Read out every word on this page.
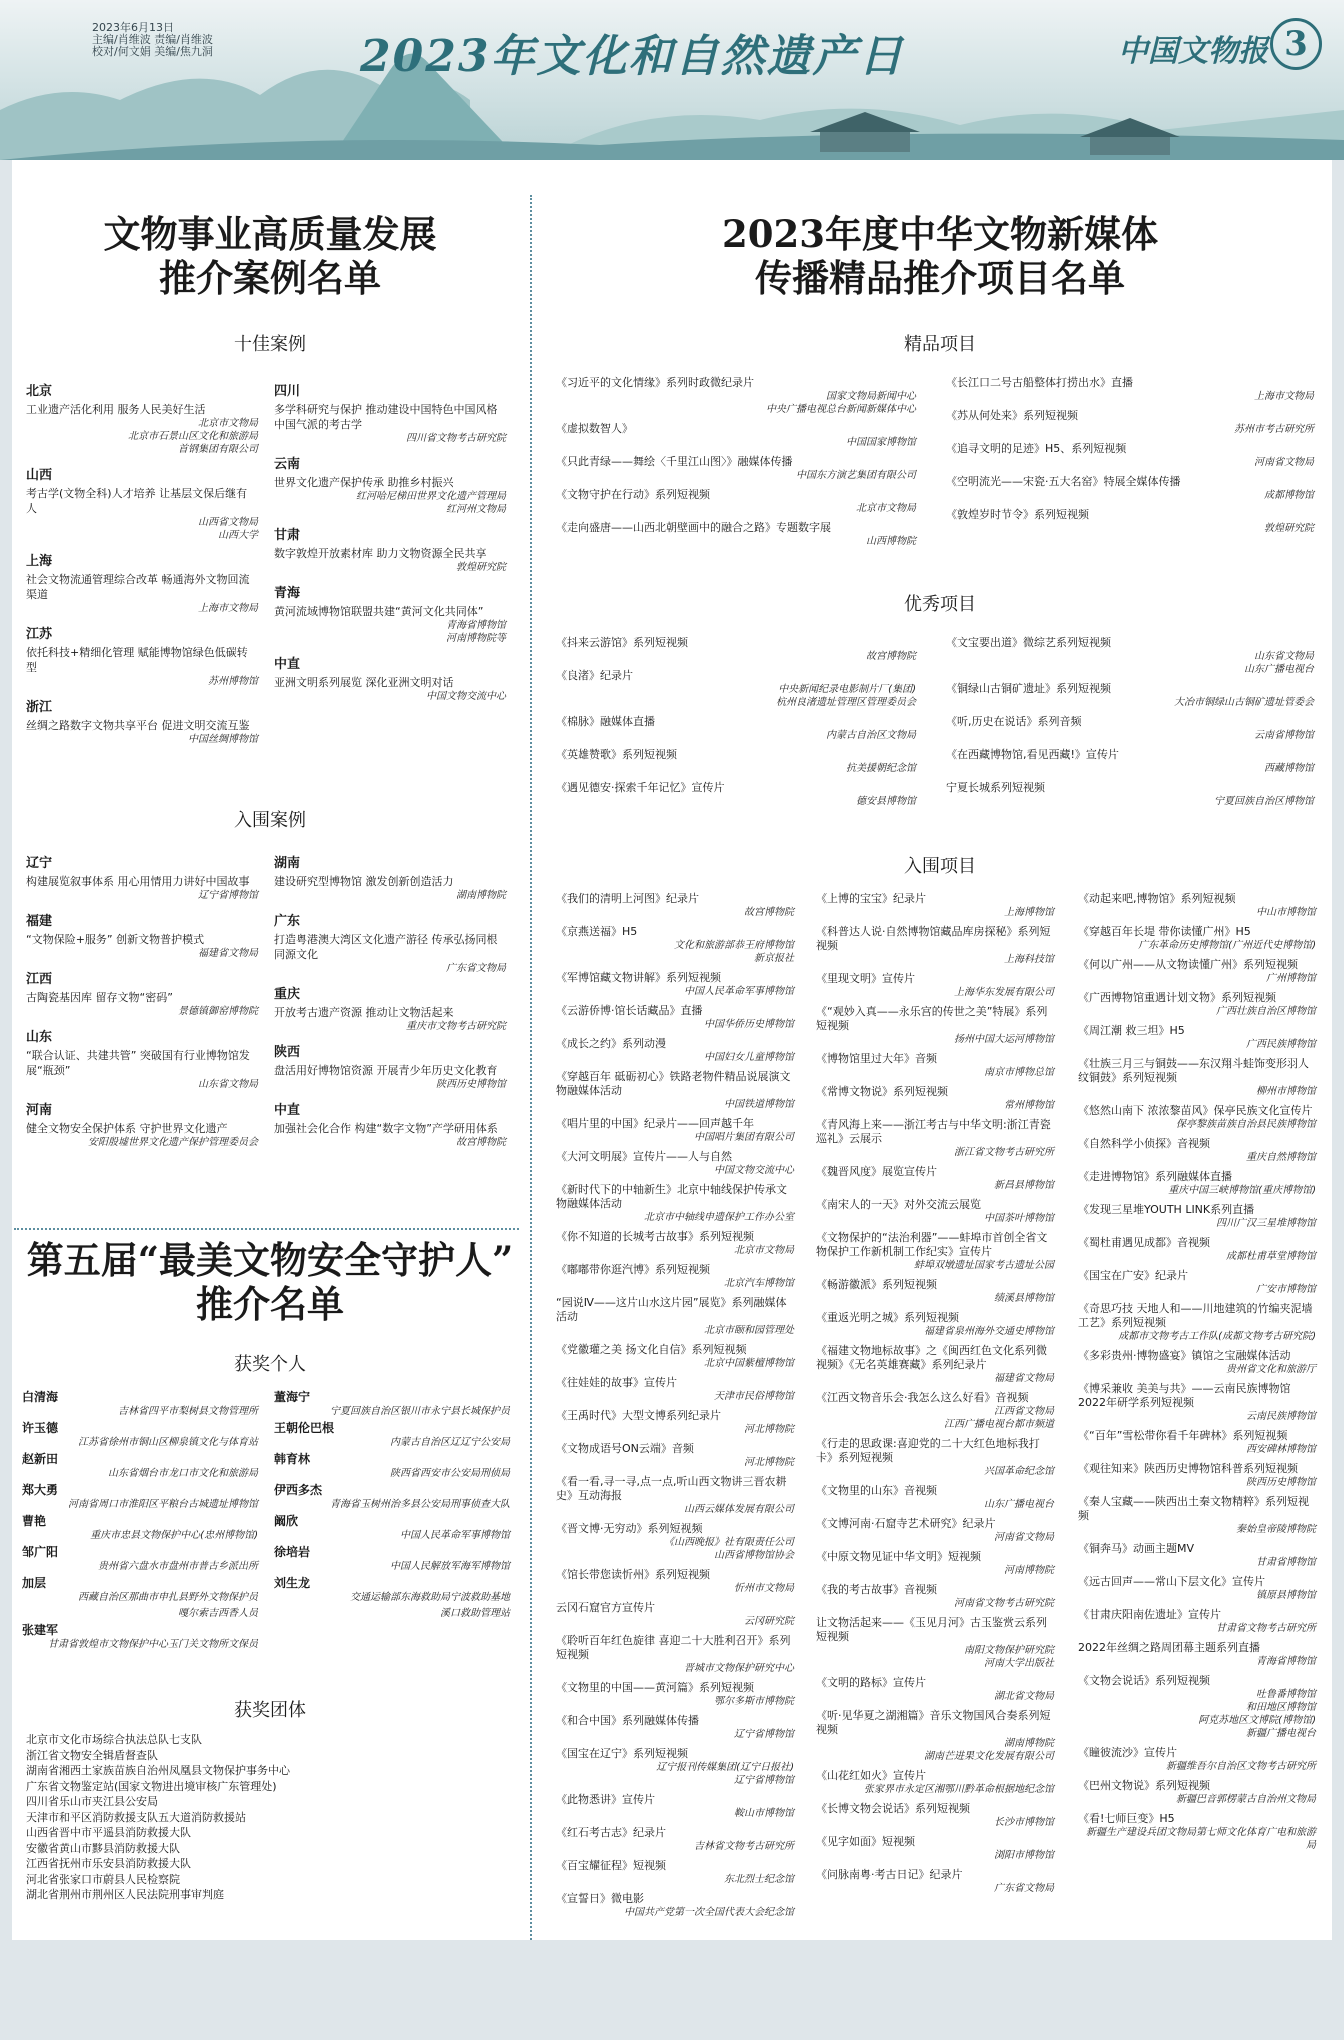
2023年6月13日
主编/肖维波 责编/肖维波
校对/何文娟 美编/焦九洞	2023年文化和自然遗产日	中国文物报 3
文物事业高质量发展
推介案例名单
十佳案例
北京
工业遗产活化利用 服务人民美好生活
北京市文物局
北京市石景山区文化和旅游局
首钢集团有限公司
山西
考古学(文物全科)人才培养 让基层文保后继有人
山西省文物局
山西大学
上海
社会文物流通管理综合改革 畅通海外文物回流渠道
上海市文物局
江苏
依托科技+精细化管理 赋能博物馆绿色低碳转型
苏州博物馆
浙江
丝绸之路数字文物共享平台 促进文明交流互鉴
中国丝绸博物馆
四川
多学科研究与保护 推动建设中国特色中国风格中国气派的考古学
四川省文物考古研究院
云南
世界文化遗产保护传承 助推乡村振兴
红河哈尼梯田世界文化遗产管理局
红河州文物局
甘肃
数字敦煌开放素材库 助力文物资源全民共享
敦煌研究院
青海
黄河流域博物馆联盟共建“黄河文化共同体”
青海省博物馆
河南博物院等
中直
亚洲文明系列展览 深化亚洲文明对话
中国文物交流中心
入围案例
辽宁
构建展览叙事体系 用心用情用力讲好中国故事
辽宁省博物馆
福建
“文物保险+服务” 创新文物普护模式
福建省文物局
江西
古陶瓷基因库 留存文物“密码”
景德镇御窑博物院
山东
“联合认证、共建共管” 突破国有行业博物馆发展“瓶颈”
山东省文物局
河南
健全文物安全保护体系 守护世界文化遗产
安阳殷墟世界文化遗产保护管理委员会
湖南
建设研究型博物馆 激发创新创造活力
湖南博物院
广东
打造粤港澳大湾区文化遗产游径 传承弘扬同根同源文化
广东省文物局
重庆
开放考古遗产资源 推动让文物活起来
重庆市文物考古研究院
陕西
盘活用好博物馆资源 开展青少年历史文化教育
陕西历史博物馆
中直
加强社会化合作 构建“数字文物”产学研用体系
故宫博物院
第五届“最美文物安全守护人”
推介名单
获奖个人
白清海
吉林省四平市梨树县文物管理所
许玉德
江苏省徐州市铜山区柳泉镇文化与体育站
赵新田
山东省烟台市龙口市文化和旅游局
郑大勇
河南省周口市淮阳区平粮台古城遗址博物馆
曹艳
重庆市忠县文物保护中心(忠州博物馆)
邹广阳
贵州省六盘水市盘州市普古乡派出所
加层
西藏自治区那曲市申扎县野外文物保护员
嘎尔索吉西香人员
张建军
甘肃省敦煌市文物保护中心玉门关文物所文保员
董海宁
宁夏回族自治区银川市永宁县长城保护员
王朝伦巴根
内蒙古自治区辽辽宁公安局
韩育林
陕西省西安市公安局刑侦局
伊西多杰
青海省玉树州治多县公安局刑事侦查大队
阚欣
中国人民革命军事博物馆
徐培岩
中国人民解放军海军博物馆
刘生龙
交通运输部东海救助局宁波救助基地
溪口救助管理站
获奖团体
北京市文化市场综合执法总队七支队
浙江省文物安全辑盾督查队
湖南省湘西土家族苗族自治州凤凰县文物保护事务中心
广东省文物鉴定站(国家文物进出境审核广东管理处)
四川省乐山市夹江县公安局
天津市和平区消防救援支队五大道消防救援站
山西省晋中市平遥县消防救援大队
安徽省黄山市黟县消防救援大队
江西省抚州市乐安县消防救援大队
河北省张家口市蔚县人民检察院
湖北省荆州市荆州区人民法院刑事审判庭
2023年度中华文物新媒体
传播精品推介项目名单
精品项目
《习近平的文化情缘》系列时政微纪录片
国家文物局新闻中心
中央广播电视总台新闻新媒体中心
《虚拟数智人》
中国国家博物馆
《只此青绿——舞绘〈千里江山图〉》融媒体传播
中国东方演艺集团有限公司
《文物守护在行动》系列短视频
北京市文物局
《走向盛唐——山西北朝壁画中的融合之路》专题数字展
山西博物院
《长江口二号古船整体打捞出水》直播
上海市文物局
《苏从何处来》系列短视频
苏州市考古研究所
《追寻文明的足迹》H5、系列短视频
河南省文物局
《空明流光——宋瓷·五大名窑》特展全媒体传播
成都博物馆
《敦煌岁时节令》系列短视频
敦煌研究院
优秀项目
《抖来云游馆》系列短视频
故宫博物院
《良渚》纪录片
中央新闻纪录电影制片厂(集团)
杭州良渚遗址管理区管理委员会
《棉脉》融媒体直播
内蒙古自治区文物局
《英雄赞歌》系列短视频
抗美援朝纪念馆
《遇见德安·探索千年记忆》宣传片
德安县博物馆
《文宝要出道》微综艺系列短视频
山东省文物局
山东广播电视台
《铜绿山古铜矿遗址》系列短视频
大冶市铜绿山古铜矿遗址管委会
《听,历史在说话》系列音频
云南省博物馆
《在西藏博物馆,看见西藏!》宣传片
西藏博物馆
宁夏长城系列短视频
宁夏回族自治区博物馆
入围项目
《我们的清明上河图》纪录片
故宫博物院
《京燕送福》H5
文化和旅游部恭王府博物馆
新京报社
《军博馆藏文物讲解》系列短视频
中国人民革命军事博物馆
《云游侨博·馆长话藏品》直播
中国华侨历史博物馆
《成长之约》系列动漫
中国妇女儿童博物馆
《穿越百年 砥砺初心》铁路老物件精品说展演文物融媒体活动
中国铁道博物馆
《唱片里的中国》纪录片——回声越千年
中国唱片集团有限公司
《大河文明展》宣传片——人与自然
中国文物交流中心
《新时代下的中轴新生》北京中轴线保护传承文物融媒体活动
北京市中轴线申遗保护工作办公室
《你不知道的长城考古故事》系列短视频
北京市文物局
《嘟嘟带你逛汽博》系列短视频
北京汽车博物馆
“园说Ⅳ——这片山水这片园”展览》系列融媒体活动
北京市颐和园管理处
《党徽瓘之美 扬文化自信》系列短视频
北京中国紫檀博物馆
《往娃娃的故事》宣传片
天津市民俗博物馆
《王禹时代》大型文博系列纪录片
河北博物院
《文物成语号ON云端》音频
河北博物院
《看一看,寻一寻,点一点,听山西文物讲三晋农耕史》互动海报
山西云媒体发展有限公司
《晋文博·无穷动》系列短视频
《山西晚报》社有限责任公司
山西省博物馆协会
《馆长带您读忻州》系列短视频
忻州市文物局
云冈石窟官方宣传片
云冈研究院
《聆听百年红色旋律 喜迎二十大胜利召开》系列短视频
晋城市文物保护研究中心
《文物里的中国——黄河篇》系列短视频
鄂尔多斯市博物院
《和合中国》系列融媒体传播
辽宁省博物馆
《国宝在辽宁》系列短视频
辽宁报刊传媒集团(辽宁日报社)
辽宁省博物馆
《此物悉讲》宣传片
鞍山市博物馆
《红石考古志》纪录片
吉林省文物考古研究所
《百宝耀征程》短视频
东北烈士纪念馆
《宣誓日》微电影
中国共产党第一次全国代表大会纪念馆
《上博的宝宝》纪录片
上海博物馆
《科普达人说·自然博物馆藏品库房探秘》系列短视频
上海科技馆
《里现文明》宣传片
上海华东发展有限公司
《“观妙入真——永乐宫的传世之美”特展》系列短视频
扬州中国大运河博物馆
《博物馆里过大年》音频
南京市博物总馆
《常博文物说》系列短视频
常州博物馆
《青风海上来——浙江考古与中华文明:浙江青瓷巡礼》云展示
浙江省文物考古研究所
《魏晋风度》展览宣传片
新昌县博物馆
《南宋人的一天》对外交流云展览
中国茶叶博物馆
《文物保护的“法治利器”——蚌埠市首创全省文物保护工作新机制工作纪实》宣传片
蚌埠双墩遗址国家考古遗址公园
《畅游徽派》系列短视频
绩溪县博物馆
《重返光明之城》系列短视频
福建省泉州海外交通史博物馆
《福建文物地标故事》之《闽西红色文化系列微视频》《无名英雄赛藏》系列纪录片
福建省文物局
《江西文物音乐会·我怎么这么好看》音视频
江西省文物局
江西广播电视台都市频道
《行走的思政课:喜迎党的二十大红色地标我打卡》系列短视频
兴国革命纪念馆
《文物里的山东》音视频
山东广播电视台
《文博河南·石窟寺艺术研究》纪录片
河南省文物局
《中原文物见证中华文明》短视频
河南博物院
《我的考古故事》音视频
河南省文物考古研究院
让文物活起来——《玉见月河》古玉鉴赏云系列短视频
南阳文物保护研究院
河南大学出版社
《文明的路标》宣传片
湖北省文物局
《听·见华夏之湖湘篇》音乐文物国风合奏系列短视频
湖南博物院
湖南芒进果文化发展有限公司
《山花红如火》宣传片
张家界市永定区湘鄂川黔革命根据地纪念馆
《长博文物会说话》系列短视频
长沙市博物馆
《见字如面》短视频
浏阳市博物馆
《问脉南粤·考古日记》纪录片
广东省文物局
《动起来吧,博物馆》系列短视频
中山市博物馆
《穿越百年长堤 带你读懂广州》H5
广东革命历史博物馆(广州近代史博物馆)
《何以广州——从文物读懂广州》系列短视频
广州博物馆
《广西博物馆重遇计划文物》系列短视频
广西壮族自治区博物馆
《周江潮 救三坦》H5
广西民族博物馆
《壮族三月三与铜鼓——东汉翔斗蛙饰变形羽人纹铜鼓》系列短视频
柳州市博物馆
《悠然山南下 浓浓黎苗风》保亭民族文化宣传片
保亭黎族苗族自治县民族博物馆
《自然科学小侦探》音视频
重庆自然博物馆
《走进博物馆》系列融媒体直播
重庆中国三峡博物馆(重庆博物馆)
《发现三星堆YOUTH LINK系列直播
四川广汉三星堆博物馆
《蜀杜甫遇见成都》音视频
成都杜甫草堂博物馆
《国宝在广安》纪录片
广安市博物馆
《奇思巧技 天地人和——川地建筑的竹编夹泥墙工艺》系列短视频
成都市文物考古工作队(成都文物考古研究院)
《多彩贵州·博物盛宴》镇馆之宝融媒体活动
贵州省文化和旅游厅
《博采兼收 美美与共》——云南民族博物馆2022年研学系列短视频
云南民族博物馆
《“百年”雪松带你看千年碑林》系列短视频
西安碑林博物馆
《观往知来》陕西历史博物馆科普系列短视频
陕西历史博物馆
《秦人宝藏——陕西出土秦文物精粹》系列短视频
秦始皇帝陵博物院
《铜奔马》动画主题MV
甘肃省博物馆
《远古回声——常山下层文化》宣传片
镇原县博物馆
《甘肃庆阳南佐遗址》宣传片
甘肃省文物考古研究所
2022年丝绸之路周团幕主题系列直播
青海省博物馆
《文物会说话》系列短视频
吐鲁番博物馆
和田地区博物馆
阿克苏地区文博院(博物馆)
新疆广播电视台
《瞳彼流沙》宣传片
新疆维吾尔自治区文物考古研究所
《巴州文物说》系列短视频
新疆巴音郭楞蒙古自治州文物局
《看!七师巨变》H5
新疆生产建设兵团文物局第七师文化体育广电和旅游局
